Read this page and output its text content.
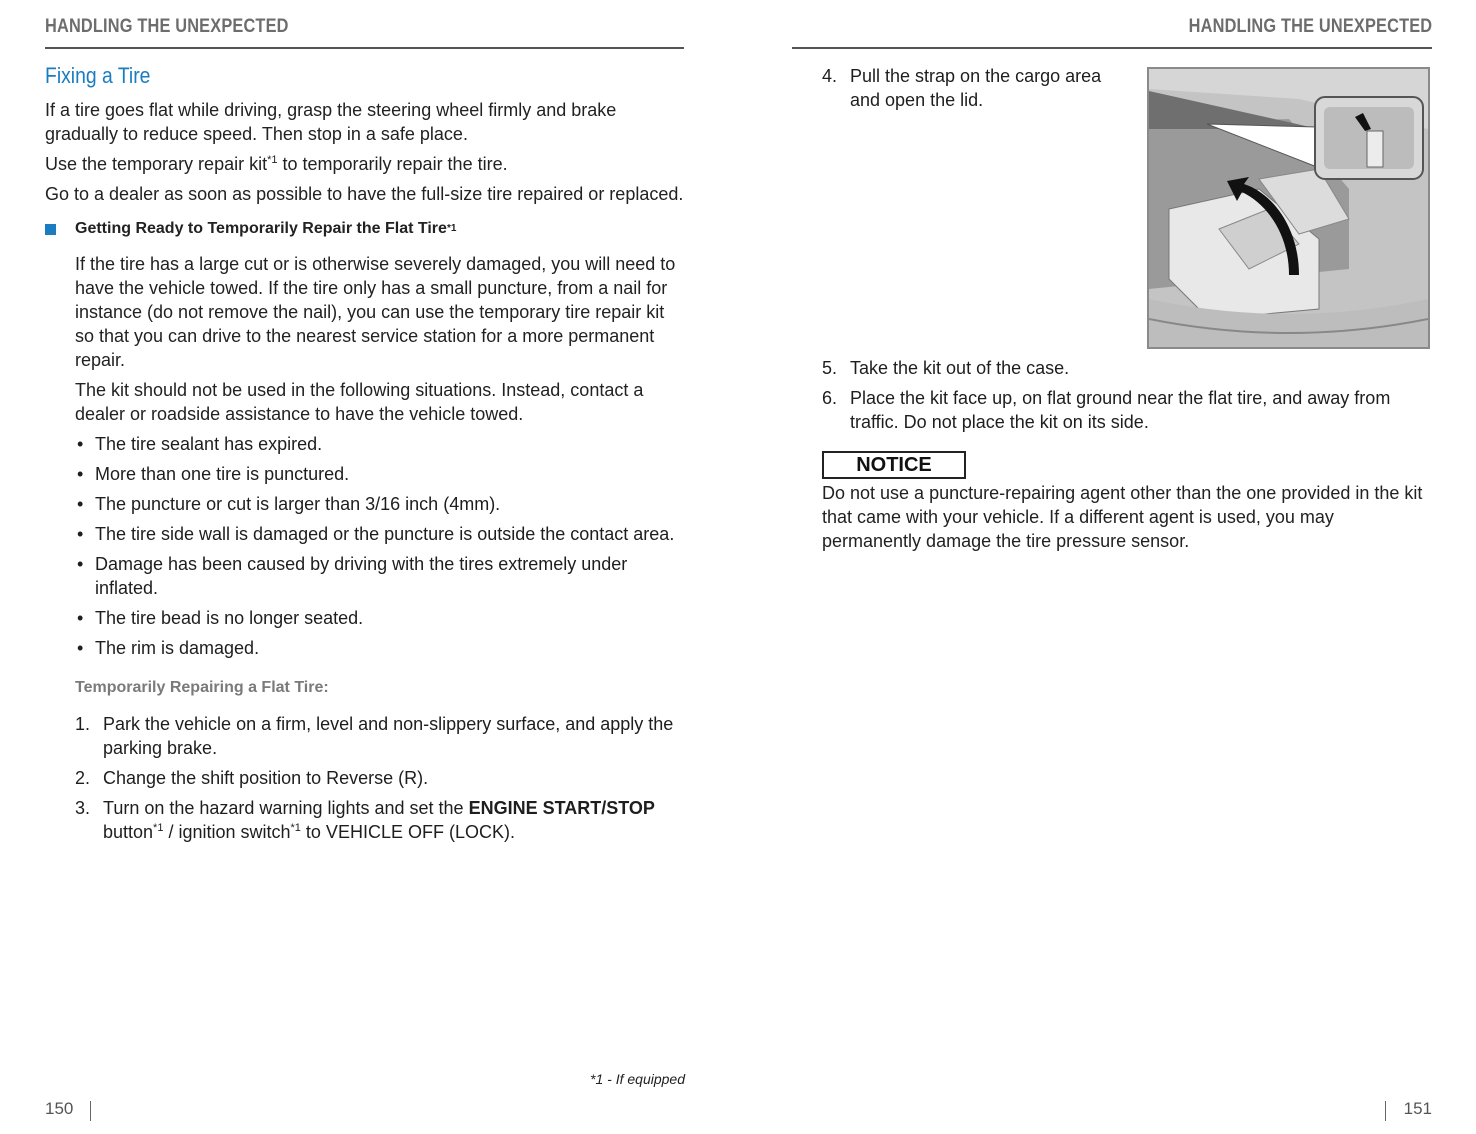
HANDLING THE UNEXPECTED
Fixing a Tire

If a tire goes flat while driving, grasp the steering wheel firmly and brake gradually to reduce speed. Then stop in a safe place.

Use the temporary repair kit$^{*1}$ to temporarily repair the tire.

Go to a dealer as soon as possible to have the full-size tire repaired or replaced.

Getting Ready to Temporarily Repair the Flat Tire *1

If the tire has a large cut or is otherwise severely damaged, you will need to have the vehicle towed. If the tire only has a small puncture, from a nail for instance (do not remove the nail), you can use the temporary tire repair kit so that you can drive to the nearest service station for a more permanent repair.

The kit should not be used in the following situations. Instead, contact a dealer or roadside assistance to have the vehicle towed.

• The tire sealant has expired.
• More than one tire is punctured.
• The puncture or cut is larger than 3/16 inch (4mm).
• The tire side wall is damaged or the puncture is outside the contact area.
• Damage has been caused by driving with the tires extremely under inflated.
• The tire bead is no longer seated.
• The rim is damaged.
Temporarily Repairing a Flat Tire:
1. Park the vehicle on a firm, level and non-slippery surface, and apply the parking brake.
2. Change the shift position to Reverse (R).
3. Turn on the hazard warning lights and set the ENGINE START/STOP button$^{*1}$ / ignition switch$^{*1}$ to VEHICLE OFF (LOCK).
*1 - If equipped
150
HANDLING THE UNEXPECTED
4. Pull the strap on the cargo area and open the lid.
5. Take the kit out of the case.
6. Place the kit face up, on flat ground near the flat tire, and away from traffic. Do not place the kit on its side.
NOTICE

Do not use a puncture-repairing agent other than the one provided in the kit that came with your vehicle. If a different agent is used, you may permanently damage the tire pressure sensor.

151
